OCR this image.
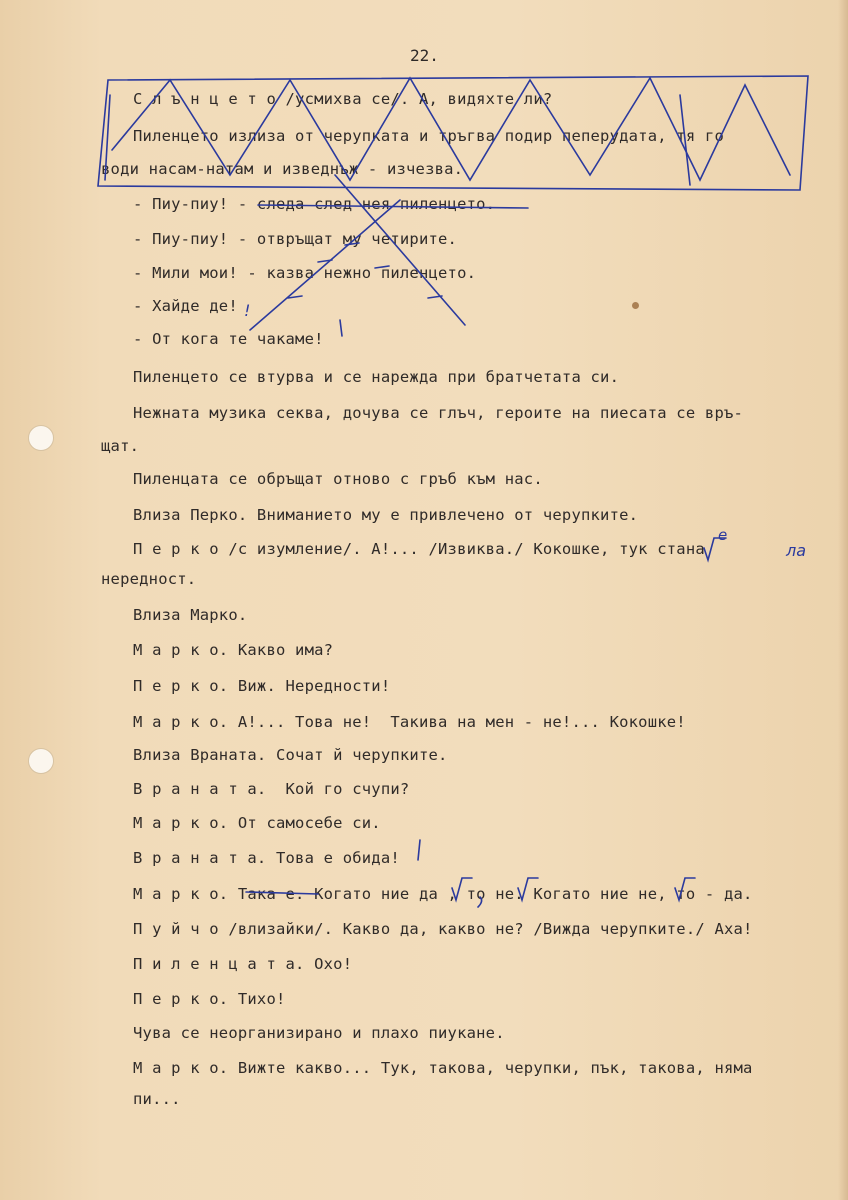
22.
С л ъ н ц е т о /усмихва се/. А, видяхте ли?
Пиленцето излиза от черупката и тръгва подир пеперудата, тя го
води насам-натам и изведнъж - изчезва.
- Пиу-пиу! - следа след нея пиленцето.
- Пиу-пиу! - отвръщат му четирите.
- Мили мои! - казва нежно пиленцето.
- Хайде де!
- От кога те чакаме!
Пиленцето се втурва и се нарежда при братчетата си.
Нежната музика секва, дочува се глъч, героите на пиесата се връ-
щат.
Пиленцата се обръщат отново с гръб към нас.
Влиза Перко. Вниманието му е привлечено от черупките.
П е р к о /с изумление/. А!... /Извиква./ Кокошке, тук стана
нередност.
Влиза Марко.
М а р к о. Какво има?
П е р к о. Виж. Нередности!
М а р к о. А!... Това не!  Такива на мен - не!... Кокошке!
Влиза Враната. Сочат й черупките.
В р а н а т а.  Кой го счупи?
М а р к о. От самосебе си.
В р а н а т а. Това е обида!
М а р к о. Така е. Когато ние да , то не. Когато ние не, то - да.
П у й ч о /влизайки/. Какво да, какво не? /Вижда черупките./ Аха!
П и л е н ц а т а. Охо!
П е р к о. Тихо!
Чува се неорганизирано и плахо пиукане.
М а р к о. Вижте какво... Тук, такова, черупки, пък, такова, няма
пи...
е
ла
!
